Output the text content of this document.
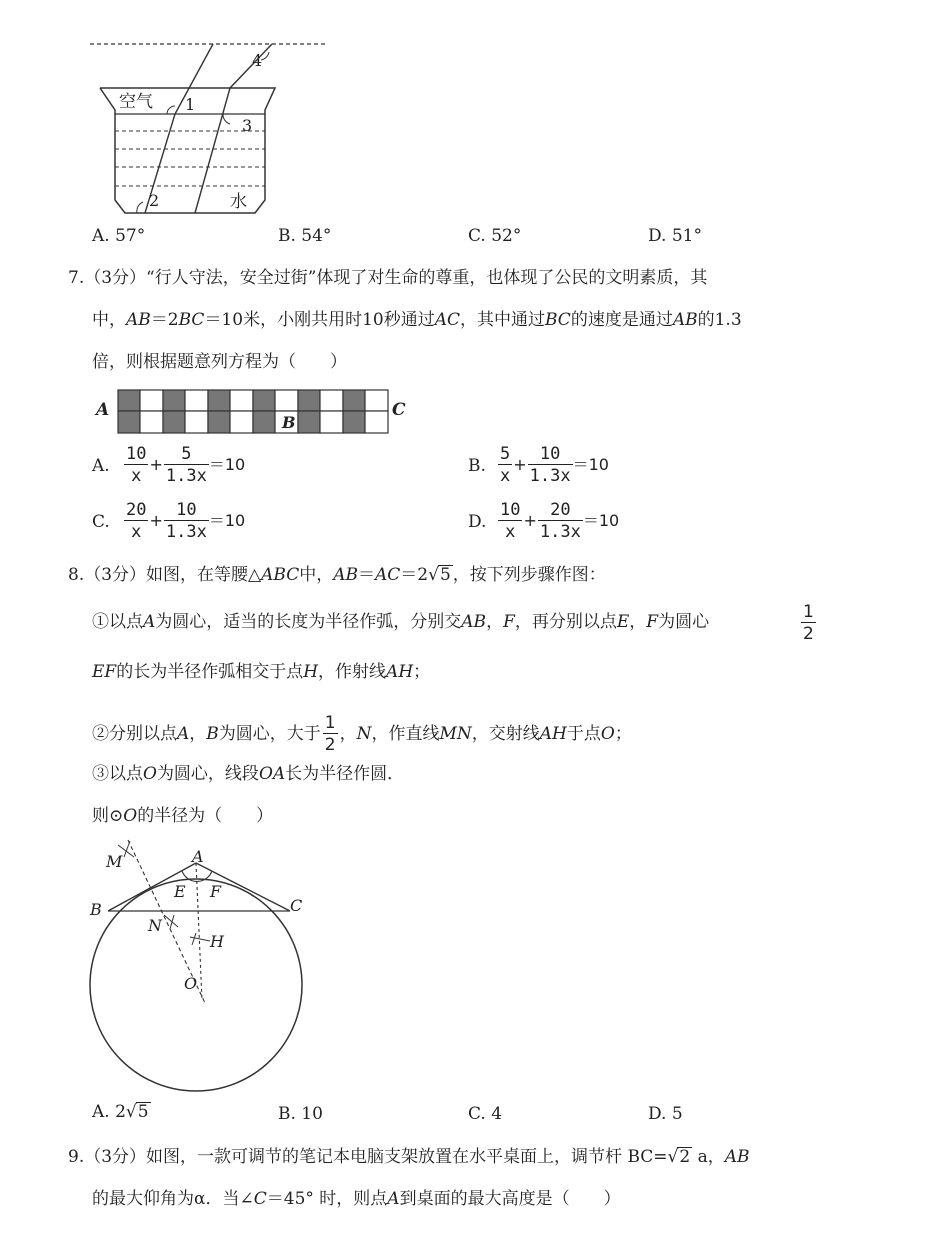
空气 1
2
3
4
水
A. 57°	B. 54°	C. 52°	D. 51°
7.（3分）“行人守法，安全过街”体现了对生命的尊重，也体现了公民的文明素质，其
中，AB＝2BC＝10米，小刚共用时10秒通过AC，其中通过BC的速度是通过AB的1.3
倍，则根据题意列方程为（　　）
A
B
C
A. $\frac{10}{x} + \frac{5}{1.3x} =10$	B. $\frac{5}{x} + \frac{10}{1.3x} =10$
C. $\frac{20}{x} + \frac{10}{1.3x} =10$	D. $\frac{10}{x} + \frac{20}{1.3x} =10$
8.（3分）如图，在等腰△ABC中，AB＝AC＝2√5 ，按下列步骤作图：
①以点A为圆心，适当的长度为半径作弧，分别交AB，F，再分别以点E，F为圆心	$\frac{1}{2}$
EF的长为半径作弧相交于点H，作射线AH；
②分别以点A，B为圆心，大于 $\frac{1}{2}$ ，N，作直线MN，交射线AH于点O；
③以点O为圆心，线段OA长为半径作圆．
则⊙O的半径为（　　）
M	A
E F
B	C
N
H
O
A. 2√5	B. 10	C. 4	D. 5
9.（3分）如图，一款可调节的笔记本电脑支架放置在水平桌面上，调节杆 BC=√2 a，AB
的最大仰角为α．当∠C＝45° 时，则点A到桌面的最大高度是（　　）
